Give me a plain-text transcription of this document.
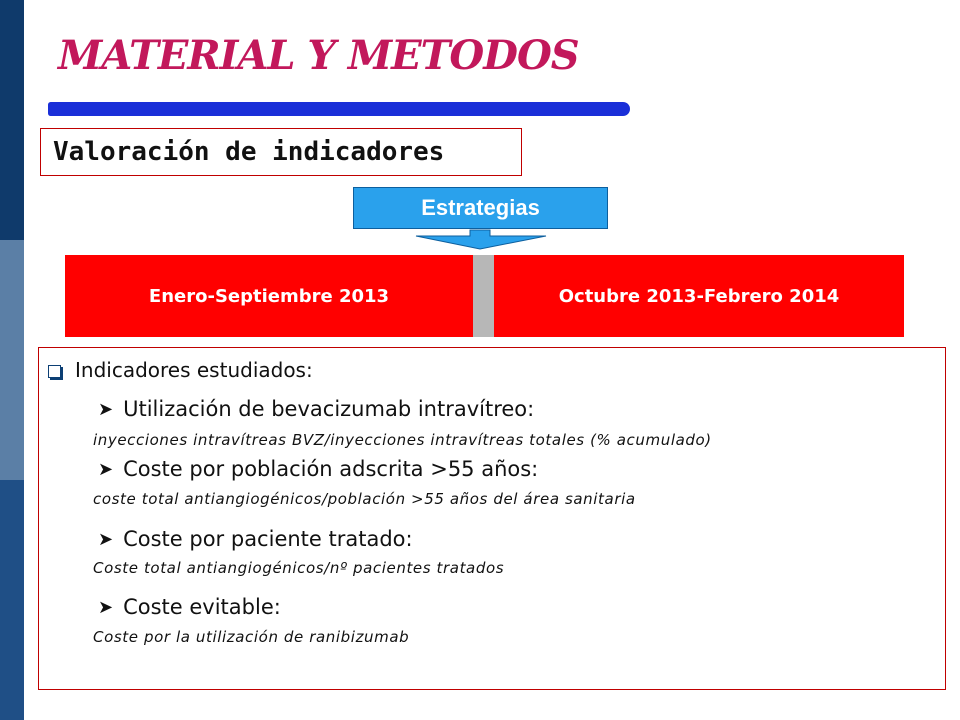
MATERIAL Y METODOS
Valoración de indicadores
Estrategias
Enero-Septiembre 2013	Octubre 2013-Febrero 2014
Indicadores estudiados:
➤ Utilización de bevacizumab intravítreo:
inyecciones intravítreas BVZ/inyecciones intravítreas totales (% acumulado)
➤ Coste por población adscrita >55 años:
coste total antiangiogénicos/población >55 años del área sanitaria
➤ Coste por paciente tratado:
Coste total antiangiogénicos/nº pacientes tratados
➤ Coste evitable:
Coste por la utilización de ranibizumab
